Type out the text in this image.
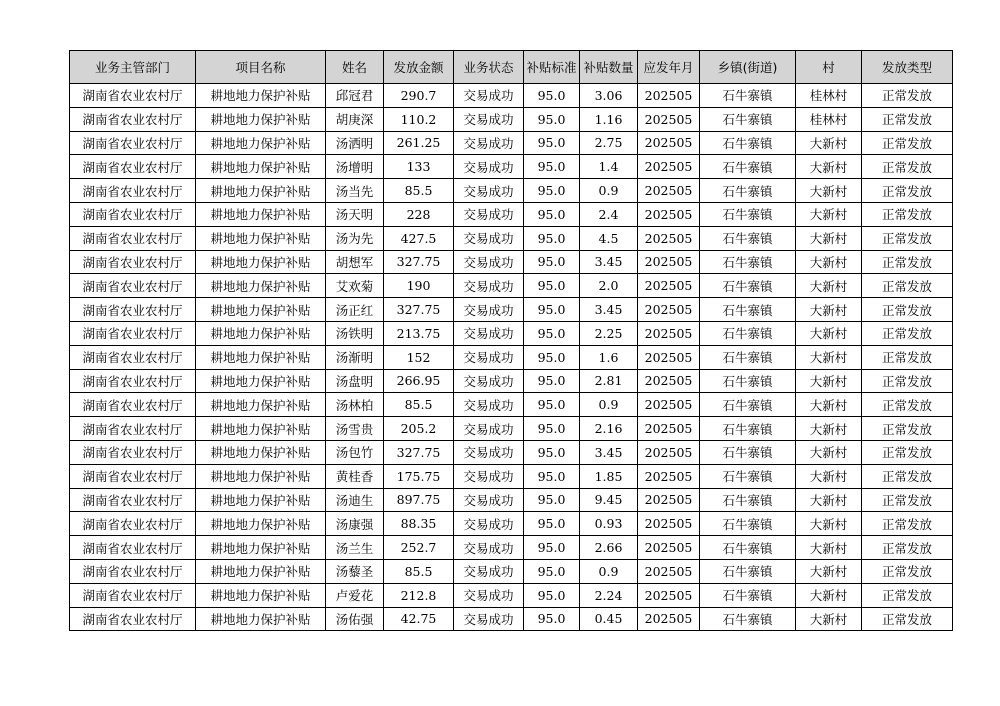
业务主管部门	项目名称	姓名	发放金额	业务状态	补贴标准	补贴数量	应发年月	乡镇(街道)	村	发放类型
湖南省农业农村厅	耕地地力保护补贴	邱冠君	290.7	交易成功	95.0	3.06	202505	石牛寨镇	桂林村	正常发放
湖南省农业农村厅	耕地地力保护补贴	胡庚深	110.2	交易成功	95.0	1.16	202505	石牛寨镇	桂林村	正常发放
湖南省农业农村厅	耕地地力保护补贴	汤洒明	261.25	交易成功	95.0	2.75	202505	石牛寨镇	大新村	正常发放
湖南省农业农村厅	耕地地力保护补贴	汤增明	133	交易成功	95.0	1.4	202505	石牛寨镇	大新村	正常发放
湖南省农业农村厅	耕地地力保护补贴	汤当先	85.5	交易成功	95.0	0.9	202505	石牛寨镇	大新村	正常发放
湖南省农业农村厅	耕地地力保护补贴	汤天明	228	交易成功	95.0	2.4	202505	石牛寨镇	大新村	正常发放
湖南省农业农村厅	耕地地力保护补贴	汤为先	427.5	交易成功	95.0	4.5	202505	石牛寨镇	大新村	正常发放
湖南省农业农村厅	耕地地力保护补贴	胡想军	327.75	交易成功	95.0	3.45	202505	石牛寨镇	大新村	正常发放
湖南省农业农村厅	耕地地力保护补贴	艾欢菊	190	交易成功	95.0	2.0	202505	石牛寨镇	大新村	正常发放
湖南省农业农村厅	耕地地力保护补贴	汤正红	327.75	交易成功	95.0	3.45	202505	石牛寨镇	大新村	正常发放
湖南省农业农村厅	耕地地力保护补贴	汤铁明	213.75	交易成功	95.0	2.25	202505	石牛寨镇	大新村	正常发放
湖南省农业农村厅	耕地地力保护补贴	汤渐明	152	交易成功	95.0	1.6	202505	石牛寨镇	大新村	正常发放
湖南省农业农村厅	耕地地力保护补贴	汤盘明	266.95	交易成功	95.0	2.81	202505	石牛寨镇	大新村	正常发放
湖南省农业农村厅	耕地地力保护补贴	汤林柏	85.5	交易成功	95.0	0.9	202505	石牛寨镇	大新村	正常发放
湖南省农业农村厅	耕地地力保护补贴	汤雪贵	205.2	交易成功	95.0	2.16	202505	石牛寨镇	大新村	正常发放
湖南省农业农村厅	耕地地力保护补贴	汤包竹	327.75	交易成功	95.0	3.45	202505	石牛寨镇	大新村	正常发放
湖南省农业农村厅	耕地地力保护补贴	黄桂香	175.75	交易成功	95.0	1.85	202505	石牛寨镇	大新村	正常发放
湖南省农业农村厅	耕地地力保护补贴	汤迪生	897.75	交易成功	95.0	9.45	202505	石牛寨镇	大新村	正常发放
湖南省农业农村厅	耕地地力保护补贴	汤康强	88.35	交易成功	95.0	0.93	202505	石牛寨镇	大新村	正常发放
湖南省农业农村厅	耕地地力保护补贴	汤兰生	252.7	交易成功	95.0	2.66	202505	石牛寨镇	大新村	正常发放
湖南省农业农村厅	耕地地力保护补贴	汤藜圣	85.5	交易成功	95.0	0.9	202505	石牛寨镇	大新村	正常发放
湖南省农业农村厅	耕地地力保护补贴	卢爱花	212.8	交易成功	95.0	2.24	202505	石牛寨镇	大新村	正常发放
湖南省农业农村厅	耕地地力保护补贴	汤佑强	42.75	交易成功	95.0	0.45	202505	石牛寨镇	大新村	正常发放
